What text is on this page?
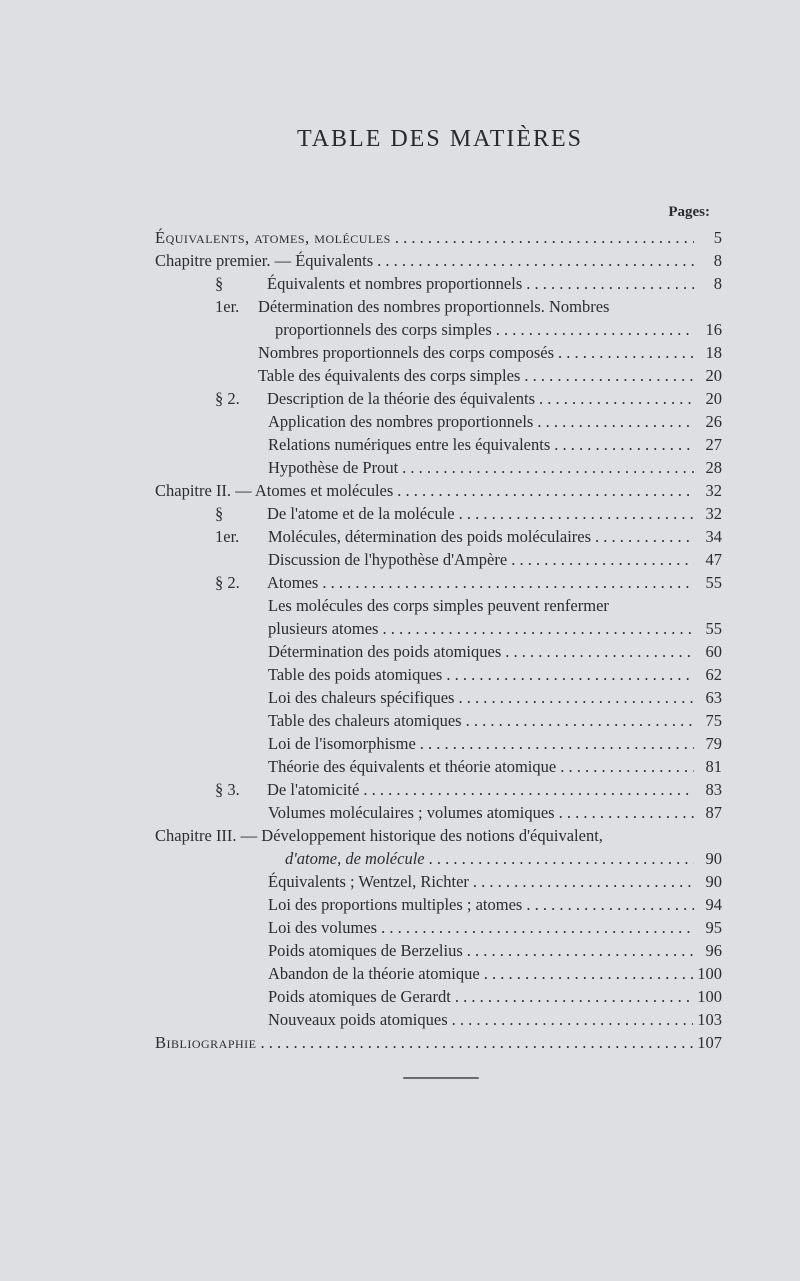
TABLE DES MATIÈRES
Pages:
Équivalents, atomes, molécules . . .	5
Chapitre premier. — Équivalents . . .	8
§ 1er.
Équivalents et nombres proportionnels . . .	8
Détermination des nombres proportionnels. Nombres
proportionnels des corps simples . . .	16
Nombres proportionnels des corps composés . . .	18
Table des équivalents des corps simples . . .	20
§ 2.	Description de la théorie des équivalents . . .	20
Application des nombres proportionnels . . .	26
Relations numériques entre les équivalents . . .	27
Hypothèse de Prout . . .	28
Chapitre II. — Atomes et molécules . . .	32
§ 1er.
De l'atome et de la molécule . . .	32
Molécules, détermination des poids moléculaires . . .	34
Discussion de l'hypothèse d'Ampère . . .	47
§ 2.	Atomes . . .	55
Les molécules des corps simples peuvent renfermer
plusieurs atomes . . .	55
Détermination des poids atomiques . . .	60
Table des poids atomiques . . .	62
Loi des chaleurs spécifiques . . .	63
Table des chaleurs atomiques . . .	75
Loi de l'isomorphisme . . .	79
Théorie des équivalents et théorie atomique . . .	81
§ 3.	De l'atomicité . . .	83
Volumes moléculaires ; volumes atomiques . . .	87
Chapitre III. — Développement historique des notions d'équivalent,
d'atome, de molécule . . .	90
Équivalents ; Wentzel, Richter . . .	90
Loi des proportions multiples ; atomes . . .	94
Loi des volumes . . .	95
Poids atomiques de Berzelius . . .	96
Abandon de la théorie atomique . . .	100
Poids atomiques de Gerardt . . .	100
Nouveaux poids atomiques . . .	103
Bibliographie . . .	107
